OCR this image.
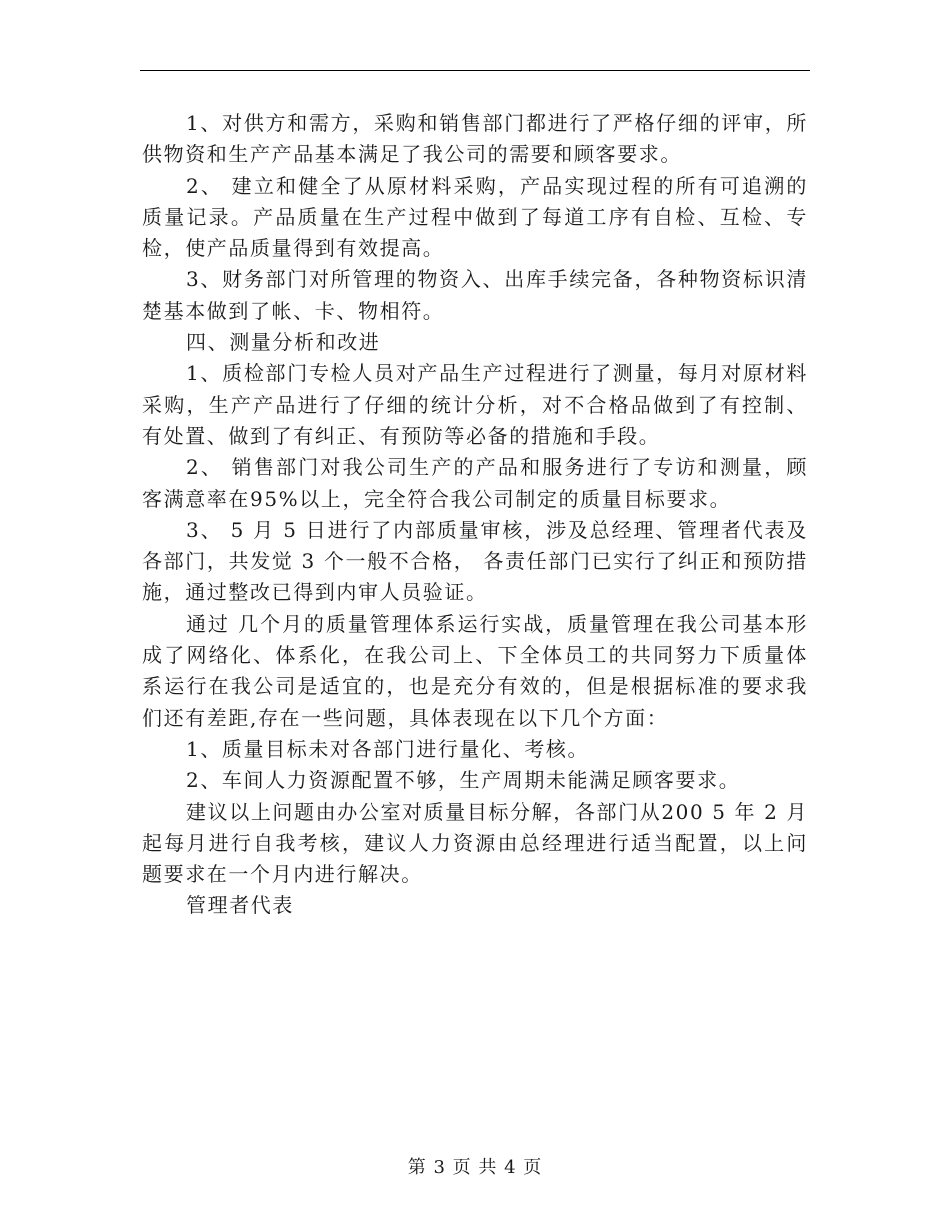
1、对供方和需方，采购和销售部门都进行了严格仔细的评审，所供物资和生产产品基本满足了我公司的需要和顾客要求。

2、 建立和健全了从原材料采购，产品实现过程的所有可追溯的质量记录。产品质量在生产过程中做到了每道工序有自检、互检、专检，使产品质量得到有效提高。

3、财务部门对所管理的物资入、出库手续完备，各种物资标识清楚基本做到了帐、卡、物相符。

四、测量分析和改进

1、质检部门专检人员对产品生产过程进行了测量，每月对原材料采购，生产产品进行了仔细的统计分析，对不合格品做到了有控制、有处置、做到了有纠正、有预防等必备的措施和手段。

2、 销售部门对我公司生产的产品和服务进行了专访和测量，顾客满意率在95%以上，完全符合我公司制定的质量目标要求。

3、 5 月 5 日进行了内部质量审核，涉及总经理、管理者代表及各部门，共发觉 3 个一般不合格， 各责任部门已实行了纠正和预防措施，通过整改已得到内审人员验证。

通过 几个月的质量管理体系运行实战，质量管理在我公司基本形成了网络化、体系化，在我公司上、下全体员工的共同努力下质量体系运行在我公司是适宜的，也是充分有效的，但是根据标准的要求我们还有差距,存在一些问题，具体表现在以下几个方面：

1、质量目标未对各部门进行量化、考核。

2、车间人力资源配置不够，生产周期未能满足顾客要求。

建议以上问题由办公室对质量目标分解，各部门从200 5 年 2 月起每月进行自我考核，建议人力资源由总经理进行适当配置，以上问题要求在一个月内进行解决。

管理者代表

第 3 页 共 4 页
